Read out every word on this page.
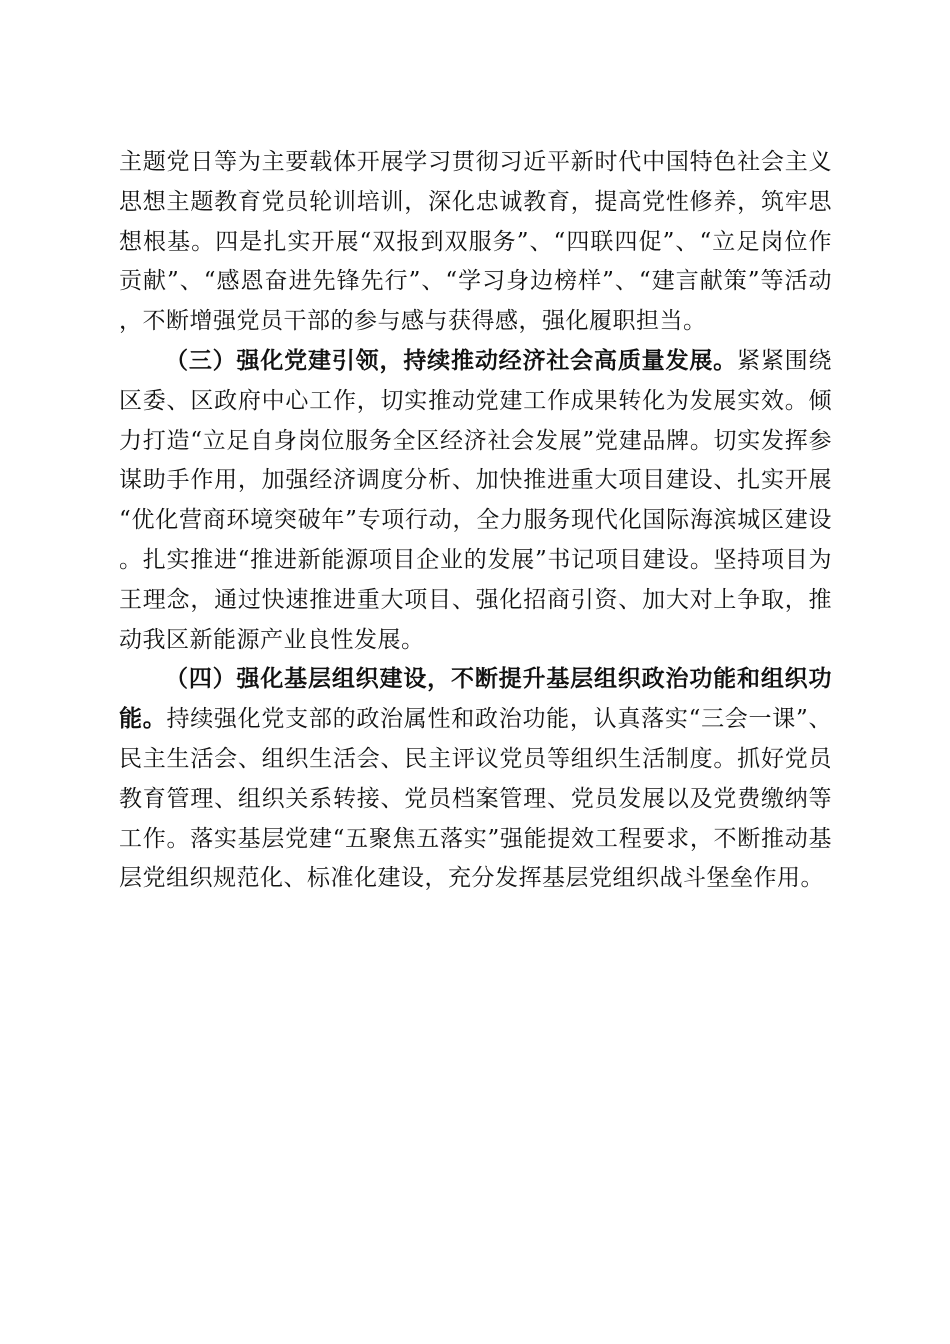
主题党日等为主要载体开展学习贯彻习近平新时代中国特色社会主义思想主题教育党员轮训培训，深化忠诚教育，提高党性修养，筑牢思想根基。四是扎实开展“双报到双服务”、“四联四促”、“立足岗位作贡献”、“感恩奋进先锋先行”、“学习身边榜样”、“建言献策”等活动，不断增强党员干部的参与感与获得感，强化履职担当。

（三）强化党建引领，持续推动经济社会高质量发展。紧紧围绕区委、区政府中心工作，切实推动党建工作成果转化为发展实效。倾力打造“立足自身岗位服务全区经济社会发展”党建品牌。切实发挥参谋助手作用，加强经济调度分析、加快推进重大项目建设、扎实开展“优化营商环境突破年”专项行动，全力服务现代化国际海滨城区建设。扎实推进“推进新能源项目企业的发展”书记项目建设。坚持项目为王理念，通过快速推进重大项目、强化招商引资、加大对上争取，推动我区新能源产业良性发展。

（四）强化基层组织建设，不断提升基层组织政治功能和组织功能。持续强化党支部的政治属性和政治功能，认真落实“三会一课”、民主生活会、组织生活会、民主评议党员等组织生活制度。抓好党员教育管理、组织关系转接、党员档案管理、党员发展以及党费缴纳等工作。落实基层党建“五聚焦五落实”强能提效工程要求，不断推动基层党组织规范化、标准化建设，充分发挥基层党组织战斗堡垒作用。
